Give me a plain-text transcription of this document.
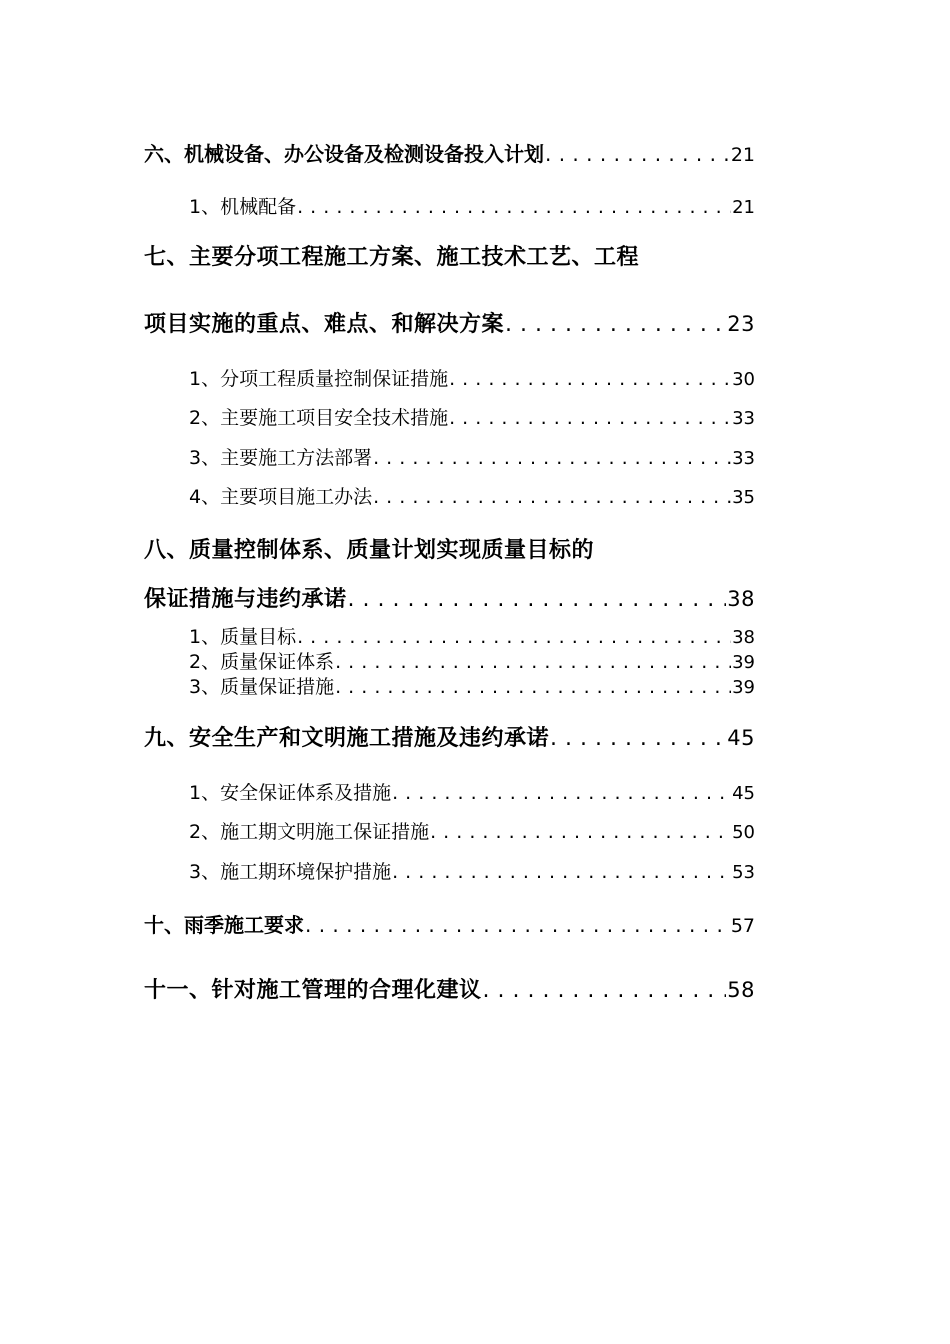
六、机械设备、办公设备及检测设备投入计划 . . .	21
1、机械配备 . . .	21
七、主要分项工程施工方案、施工技术工艺、工程
项目实施的重点、难点、和解决方案 . . .	23
1、分项工程质量控制保证措施 . . .	30
2、主要施工项目安全技术措施 . . .	33
3、主要施工方法部署 . . .	33
4、主要项目施工办法 . . .	35
八、质量控制体系、质量计划实现质量目标的
保证措施与违约承诺 . . .	38
1、质量目标 . . .	38
2、质量保证体系 . . .	39
3、质量保证措施 . . .	39
九、安全生产和文明施工措施及违约承诺 . . .	45
1、安全保证体系及措施 . . .	45
2、施工期文明施工保证措施 . . .	50
3、施工期环境保护措施 . . .	53
十、雨季施工要求 . . .	57
十一、针对施工管理的合理化建议 . . .	58
